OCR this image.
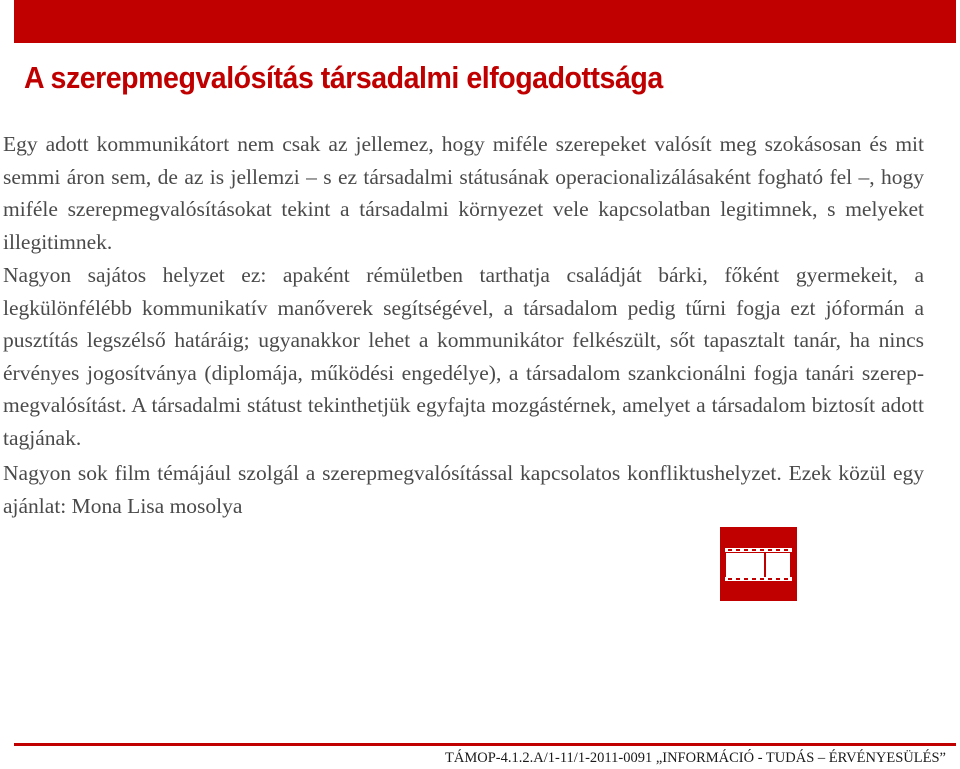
A szerepmegvalósítás társadalmi elfogadottsága

Egy adott kommunikátort nem csak az jellemez, hogy miféle szerepeket valósít meg szokásosan és mit semmi áron sem, de az is jellemzi – s ez társadalmi státusának operacionalizálásaként fogható fel –, hogy miféle szerepmegvalósításokat tekint a társadalmi környezet vele kapcsolatban legitimnek, s melyeket illegitimnek.

Nagyon sajátos helyzet ez: apaként rémületben tarthatja családját bárki, főként gyermekeit, a legkülönfélébb kommunikatív manőverek segítségével, a társadalom pedig tűrni fogja ezt jóformán a pusztítás legszélső határáig; ugyanakkor lehet a kommunikátor felkészült, sőt tapasztalt tanár, ha nincs érvényes jogosítványa (diplomája, működési engedélye), a társadalom szankcionálni fogja tanári szerepmegvalósítást. A társadalmi státust tekinthetjük egyfajta mozgástérnek, amelyet a társadalom biztosít adott tagjának.

Nagyon sok film témájául szolgál a szerepmegvalósítással kapcsolatos konfliktushelyzet. Ezek közül egy ajánlat: Mona Lisa mosolya

TÁMOP-4.1.2.A/1-11/1-2011-0091 „INFORMÁCIÓ - TUDÁS – ÉRVÉNYESÜLÉS”
